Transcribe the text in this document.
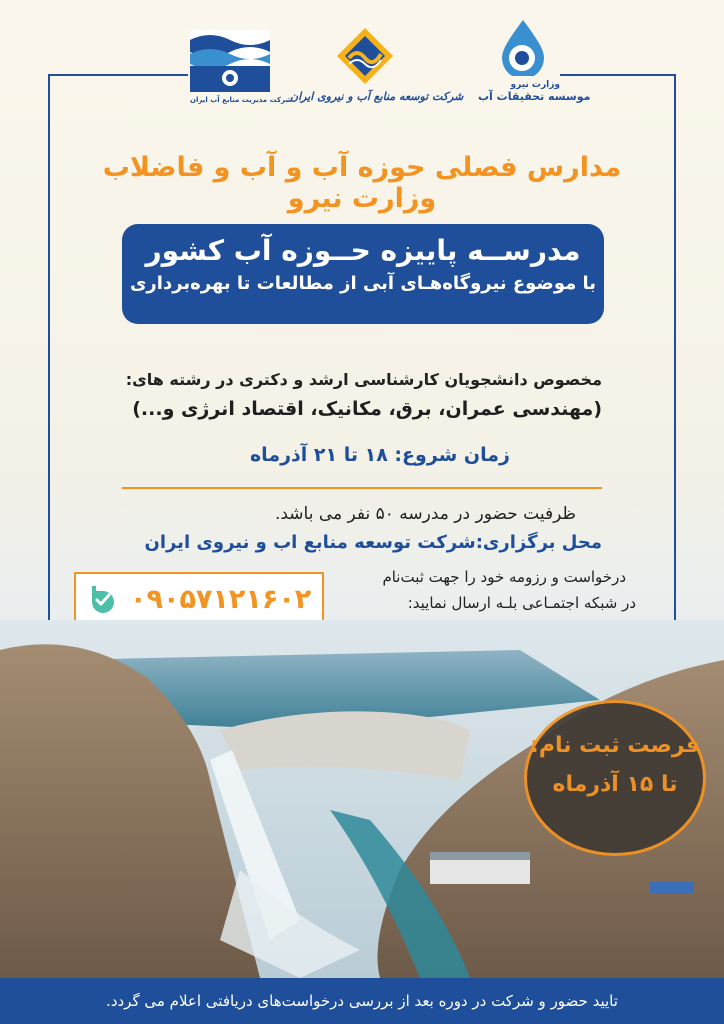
شرکت مدیریت منابع آب ایران
شرکت توسعه منابع آب و نیروی ایران
وزارت نیرو
موسسه تحقیقات آب
مدارس فصلی حوزه آب و آب و فاضلاب وزارت نیرو
مدرســه پاییزه حــوزه آب کشور
با موضوع نیروگاه‌هـای آبی از مطالعات تا بهره‌برداری
مخصوص دانشجویان کارشناسی ارشد و دکتری در رشته های:
(مهندسی عمران، برق، مکانیک، اقتصاد انرژی و...)
زمان شروع: ۱۸ تا ۲۱ آذرماه
ظرفیت حضور در مدرسه ۵۰ نفر می باشد.
محل برگزاری:شرکت توسعه منابع اب و نیروی ایران
۰۹۰۵۷۱۲۱۶۰۲
درخواست و رزومه خود را جهت ثبت‌نام
در شبکه اجتمـاعی بلـه ارسال نمایید:
فرصت ثبت نام:
تا ۱۵ آذرماه
تایید حضور و شرکت در دوره بعد از بررسی درخواست‌های دریافتی اعلام می گردد.
